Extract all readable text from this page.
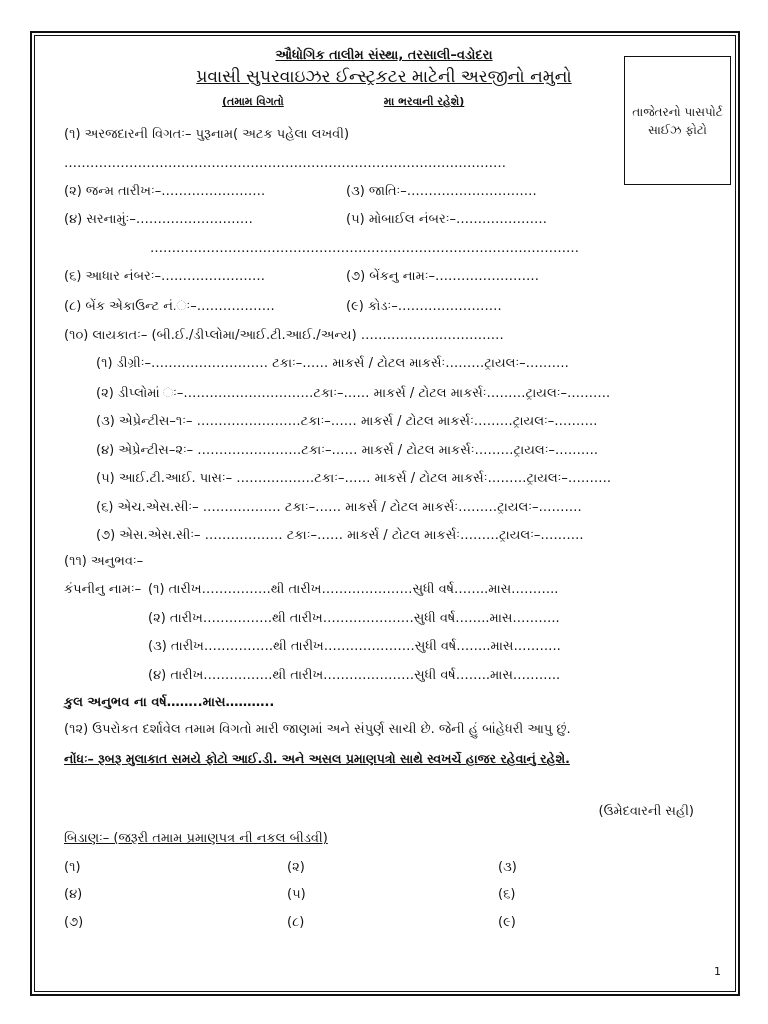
ઔધોગિક તાલીમ સંસ્થા, તરસાલી–વડોદરા
પ્રવાસી સુપરવાઇઝર ઈન્સ્ટ્રકટર માટેની અરજીનો નમુનો
(તમામ વિગતો	મા ભરવાની રહેશે)
તાજેતરનો પાસપોર્ટ સાઈઝ ફોટો
(૧) અરજદારની વિગતઃ– પુરૂનામ( અટક પહેલા લખવી)
…………………………………………………………………………………………
(૨) જન્મ તારીખઃ–……………………	(૩) જાતિઃ–…………………………
(૪) સરનામુંઃ–………………………	(૫) મોબાઈલ નંબરઃ–…………………
………………………………………………………………………………………
(૬) આધાર નંબરઃ–……………………	(૭) બેંકનુ નામઃ–……………………
(૮) બેંક એકાઉન્ટ નં.ઃ–………………	(૯) કોડઃ–……………………
(૧૦) લાયકાતઃ– (બી.ઈ./ડીપ્લોમા/આઈ.ટી.આઈ./અન્ય) ……………………………
(૧) ડીગ્રીઃ–……………………… ટકાઃ–…… માકર્સ / ટોટલ માકર્સઃ………ટ્રાયલઃ–……….
(૨) ડીપ્લોમાં ઃ–…………………………ટકાઃ–…… માકર્સ / ટોટલ માકર્સઃ………ટ્રાયલઃ–……….
(૩) એપ્રેન્ટીસ–૧ઃ– ……………………ટકાઃ–…… માકર્સ / ટોટલ માકર્સઃ………ટ્રાયલઃ–……….
(૪) એપ્રેન્ટીસ–૨ઃ– ……………………ટકાઃ–…… માકર્સ / ટોટલ માકર્સઃ………ટ્રાયલઃ–……….
(૫) આઈ.ટી.આઈ. પાસઃ– ………………ટકાઃ–…… માકર્સ / ટોટલ માકર્સઃ………ટ્રાયલઃ–……….
(૬) એચ.એસ.સીઃ– ……………… ટકાઃ–…… માકર્સ / ટોટલ માકર્સઃ………ટ્રાયલઃ–……….
(૭) એસ.એસ.સીઃ– ……………… ટકાઃ–…… માકર્સ / ટોટલ માકર્સઃ………ટ્રાયલઃ–……….
(૧૧) અનુભવઃ–
કંપનીનુ નામઃ– (૧) તારીખ…………….થી તારીખ…………………સુધી વર્ષ……..માસ………..
(૨) તારીખ…………….થી તારીખ…………………સુધી વર્ષ……..માસ………..
(૩) તારીખ…………….થી તારીખ…………………સુધી વર્ષ……..માસ………..
(૪) તારીખ…………….થી તારીખ…………………સુધી વર્ષ……..માસ………..
કુલ અનુભવ ના વર્ષ……..માસ………..
(૧૨) ઉપરોકત દર્શાવેલ તમામ વિગતો મારી જાણમાં અને સંપુર્ણ સાચી છે. જેની હું બાંહેધરી આપુ છું.
નોંધઃ– રૂબરૂ મુલાકાત સમયે ફોટો આઈ.ડી. અને અસલ પ્રમાણપત્રો સાથે સ્વખર્ચે હાજર રહેવાનું રહેશે.
(ઉમેદવારની સહી)
બિડાણઃ– (જરૂરી તમામ પ્રમાણપત્ર ની નકલ બીડવી)
(૧)	(૨)	(૩)
(૪)	(૫)	(૬)
(૭)	(૮)	(૯)
1
